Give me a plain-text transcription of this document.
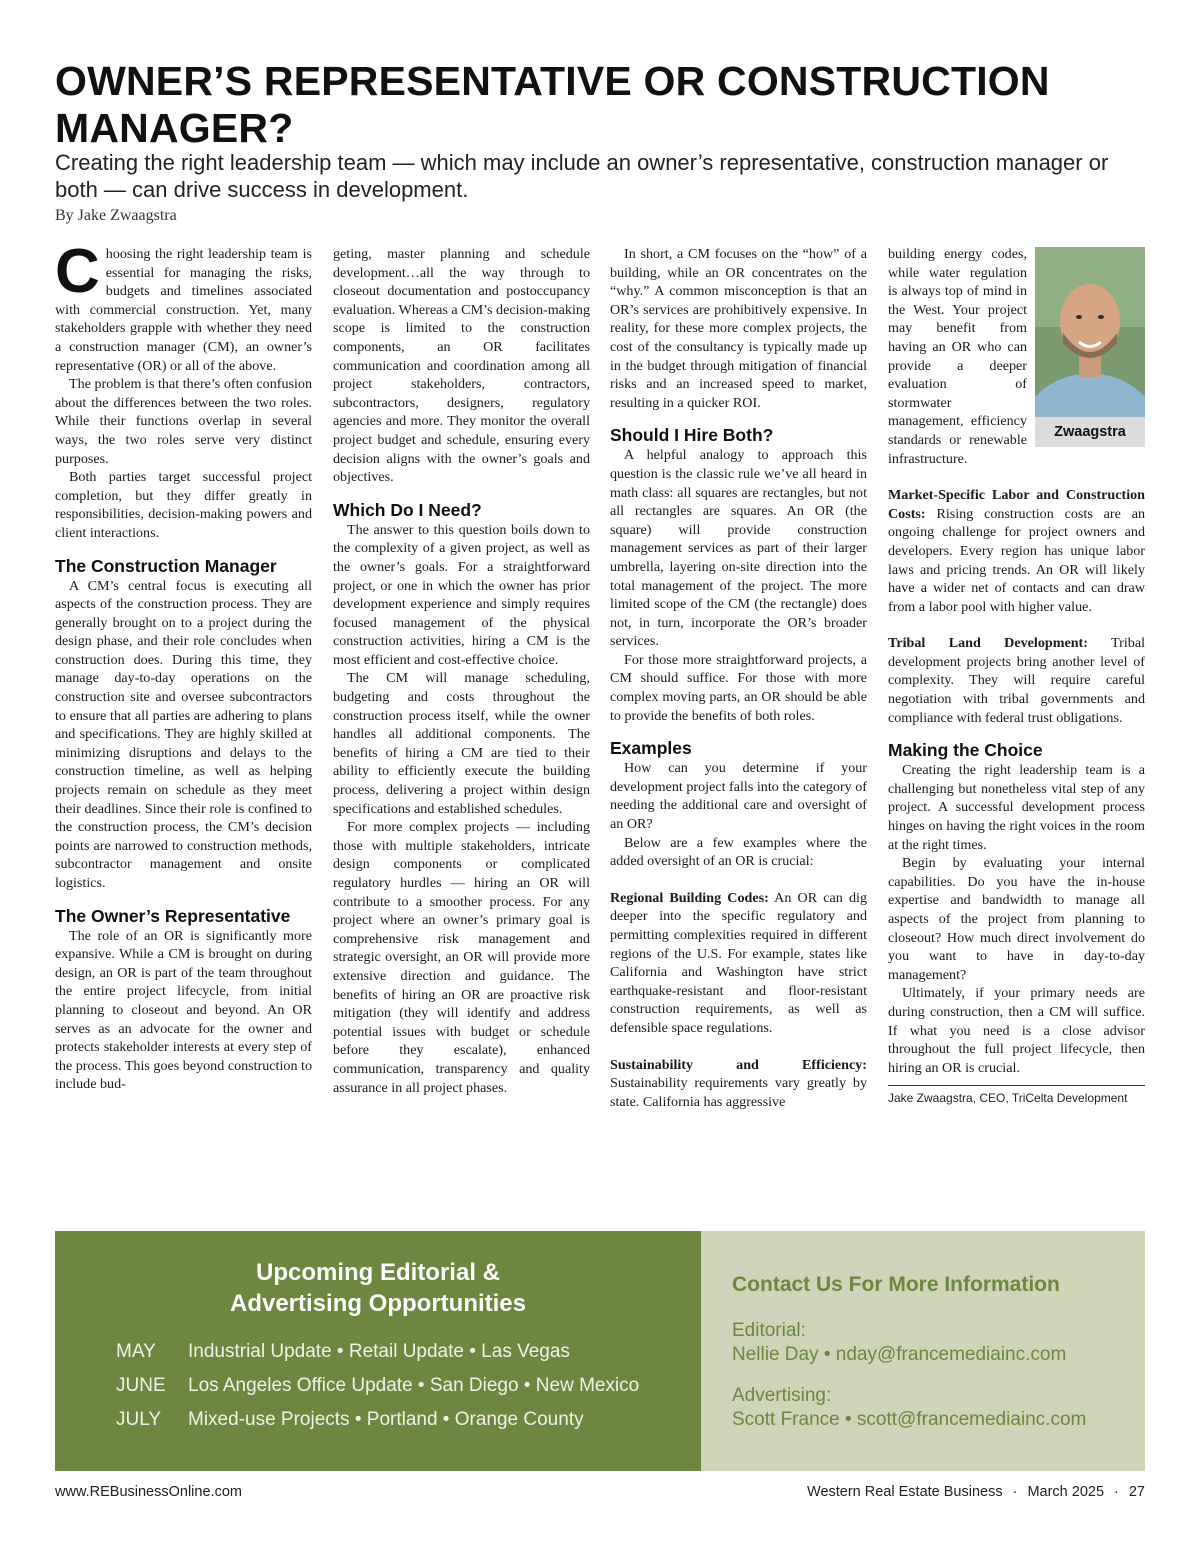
OWNER’S REPRESENTATIVE OR CONSTRUCTION MANAGER?
Creating the right leadership team — which may include an owner’s representative, construction manager or both — can drive success in development.
By Jake Zwaagstra

Choosing the right leadership team is essential for managing the risks, budgets and timelines associated with commercial construction. Yet, many stakeholders grapple with whether they need a construction manager (CM), an owner’s representative (OR) or all of the above.

The problem is that there’s often confusion about the differences between the two roles. While their functions overlap in several ways, the two roles serve very distinct purposes.

Both parties target successful project completion, but they differ greatly in responsibilities, decision-making powers and client interactions.

The Construction Manager

A CM’s central focus is executing all aspects of the construction process. They are generally brought on to a project during the design phase, and their role concludes when construction does. During this time, they manage day-to-day operations on the construction site and oversee subcontractors to ensure that all parties are adhering to plans and specifications. They are highly skilled at minimizing disruptions and delays to the construction timeline, as well as helping projects remain on schedule as they meet their deadlines. Since their role is confined to the construction process, the CM’s decision points are narrowed to construction methods, subcontractor management and onsite logistics.

The Owner’s Representative

The role of an OR is significantly more expansive. While a CM is brought on during design, an OR is part of the team throughout the entire project lifecycle, from initial planning to closeout and beyond. An OR serves as an advocate for the owner and protects stakeholder interests at every step of the process. This goes beyond construction to include bud-

geting, master planning and schedule development…all the way through to closeout documentation and postoccupancy evaluation. Whereas a CM’s decision-making scope is limited to the construction components, an OR facilitates communication and coordination among all project stakeholders, contractors, subcontractors, designers, regulatory agencies and more. They monitor the overall project budget and schedule, ensuring every decision aligns with the owner’s goals and objectives.

Which Do I Need?

The answer to this question boils down to the complexity of a given project, as well as the owner’s goals. For a straightforward project, or one in which the owner has prior development experience and simply requires focused management of the physical construction activities, hiring a CM is the most efficient and cost-effective choice.

The CM will manage scheduling, budgeting and costs throughout the construction process itself, while the owner handles all additional components. The benefits of hiring a CM are tied to their ability to efficiently execute the building process, delivering a project within design specifications and established schedules.

For more complex projects — including those with multiple stakeholders, intricate design components or complicated regulatory hurdles — hiring an OR will contribute to a smoother process. For any project where an owner’s primary goal is comprehensive risk management and strategic oversight, an OR will provide more extensive direction and guidance. The benefits of hiring an OR are proactive risk mitigation (they will identify and address potential issues with budget or schedule before they escalate), enhanced communication, transparency and quality assurance in all project phases.

In short, a CM focuses on the “how” of a building, while an OR concentrates on the “why.” A common misconception is that an OR’s services are prohibitively expensive. In reality, for these more complex projects, the cost of the consultancy is typically made up in the budget through mitigation of financial risks and an increased speed to market, resulting in a quicker ROI.

Should I Hire Both?

A helpful analogy to approach this question is the classic rule we’ve all heard in math class: all squares are rectangles, but not all rectangles are squares. An OR (the square) will provide construction management services as part of their larger umbrella, layering on-site direction into the total management of the project. The more limited scope of the CM (the rectangle) does not, in turn, incorporate the OR’s broader services.

For those more straightforward projects, a CM should suffice. For those with more complex moving parts, an OR should be able to provide the benefits of both roles.

Examples

How can you determine if your development project falls into the category of needing the additional care and oversight of an OR?

Below are a few examples where the added oversight of an OR is crucial:

Regional Building Codes: An OR can dig deeper into the specific regulatory and permitting complexities required in different regions of the U.S. For example, states like California and Washington have strict earthquake-resistant and floor-resistant construction requirements, as well as defensible space regulations.

Sustainability and Efficiency: Sustainability requirements vary greatly by state. California has aggressive

Zwaagstra

building energy codes, while water regulation is always top of mind in the West. Your project may benefit from having an OR who can provide a deeper evaluation of stormwater management, efficiency standards or renewable infrastructure.

Market-Specific Labor and Construction Costs: Rising construction costs are an ongoing challenge for project owners and developers. Every region has unique labor laws and pricing trends. An OR will likely have a wider net of contacts and can draw from a labor pool with higher value.

Tribal Land Development: Tribal development projects bring another level of complexity. They will require careful negotiation with tribal governments and compliance with federal trust obligations.

Making the Choice

Creating the right leadership team is a challenging but nonetheless vital step of any project. A successful development process hinges on having the right voices in the room at the right times.

Begin by evaluating your internal capabilities. Do you have the in-house expertise and bandwidth to manage all aspects of the project from planning to closeout? How much direct involvement do you want to have in day-to-day management?

Ultimately, if your primary needs are during construction, then a CM will suffice. If what you need is a close advisor throughout the full project lifecycle, then hiring an OR is crucial.

Jake Zwaagstra, CEO, TriCelta Development

Upcoming Editorial &
Advertising Opportunities
MAY	Industrial Update • Retail Update • Las Vegas
JUNE	Los Angeles Office Update • San Diego • New Mexico
JULY	Mixed-use Projects • Portland • Orange County
Contact Us For More Information
Editorial:
Nellie Day • nday@francemediainc.com
Advertising:
Scott France • scott@francemediainc.com
www.REBusinessOnline.com	Western Real Estate Business · March 2025 · 27
